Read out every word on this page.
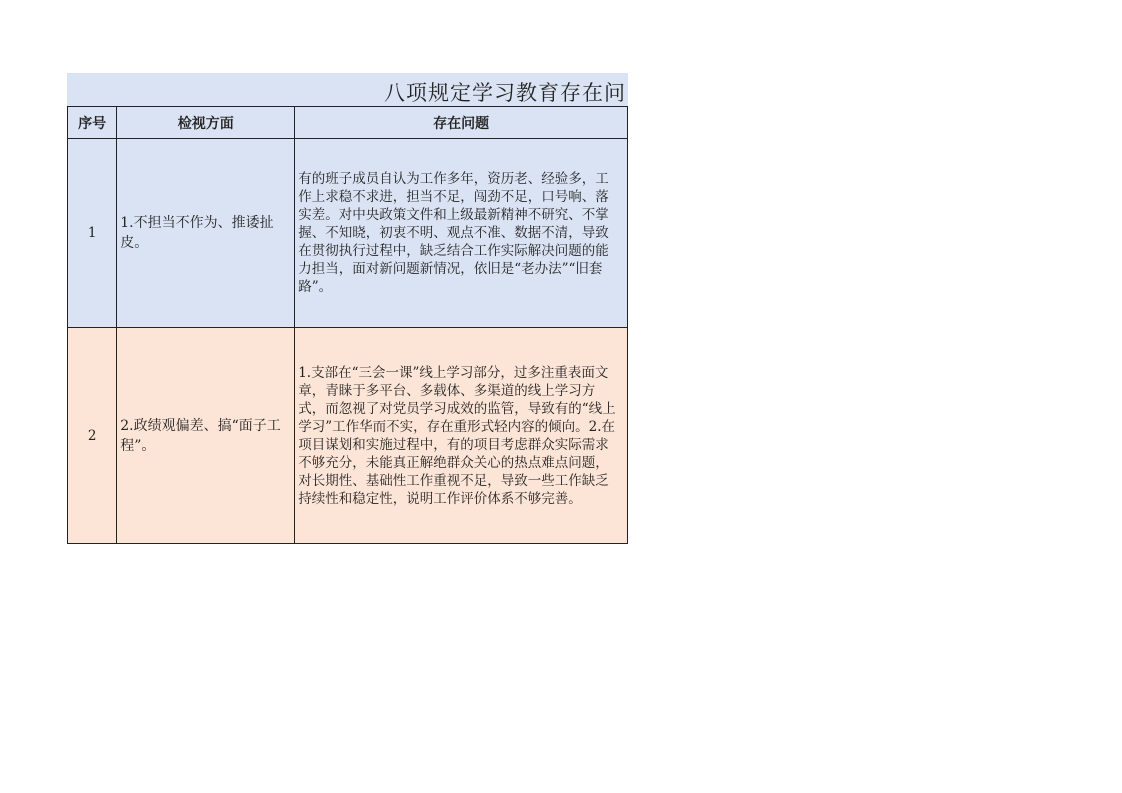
八项规定学习教育存在问
序号	检视方面	存在问题
1	1.不担当不作为、推诿扯皮。	有的班子成员自认为工作多年，资历老、经验多，工作上求稳不求进，担当不足，闯劲不足，口号响、落实差。对中央政策文件和上级最新精神不研究、不掌握、不知晓，初衷不明、观点不准、数据不清，导致在贯彻执行过程中，缺乏结合工作实际解决问题的能力担当，面对新问题新情况，依旧是“老办法”“旧套路”。
2	2.政绩观偏差、搞“面子工程”。	1.支部在“三会一课”线上学习部分，过多注重表面文章，青睐于多平台、多载体、多渠道的线上学习方式，而忽视了对党员学习成效的监管，导致有的“线上学习”工作华而不实，存在重形式轻内容的倾向。2.在项目谋划和实施过程中，有的项目考虑群众实际需求不够充分，未能真正解绝群众关心的热点难点问题，对长期性、基础性工作重视不足，导致一些工作缺乏持续性和稳定性，说明工作评价体系不够完善。
